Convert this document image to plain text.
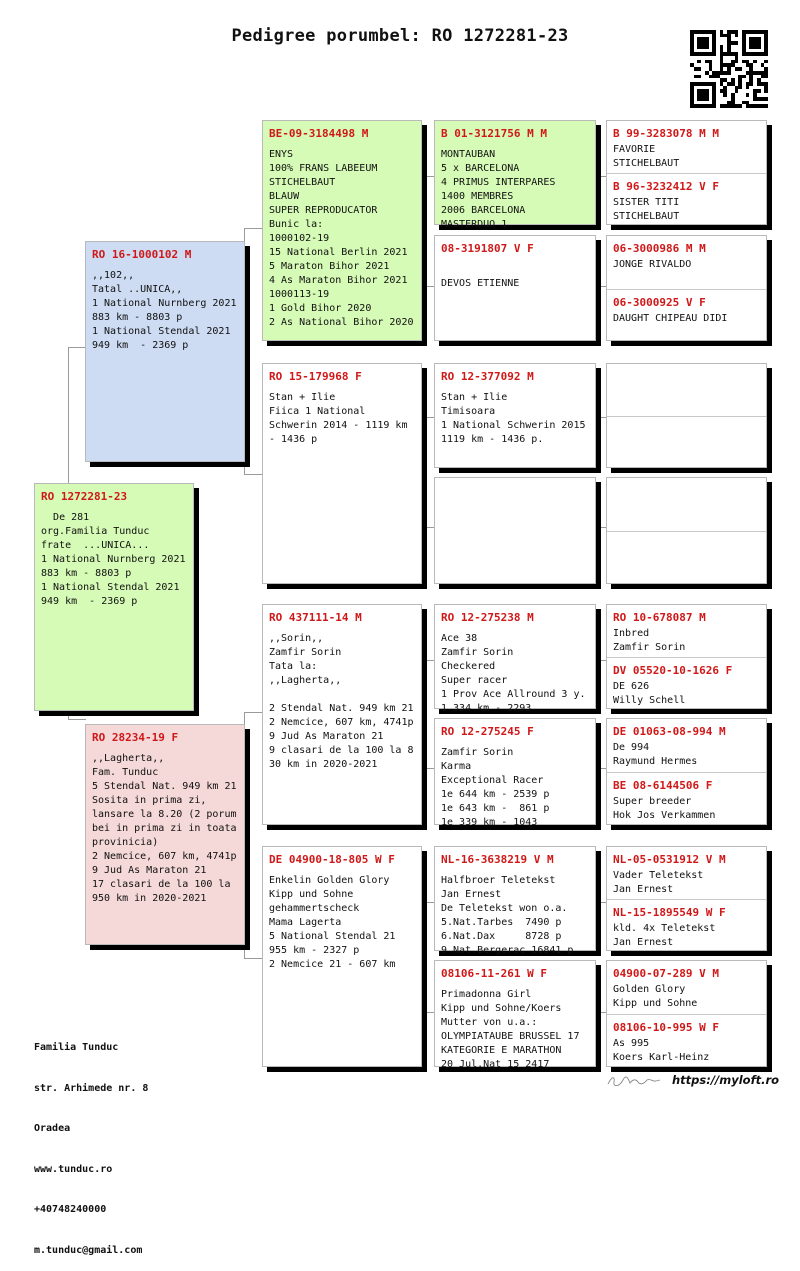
Pedigree porumbel: RO 1272281-23
RO 1272281-23
De 281
org.Familia Tunduc
frate  ...UNICA...
1 National Nurnberg 2021
883 km - 8803 p
1 National Stendal 2021
949 km  - 2369 p
RO 16-1000102 M
,,102,,
Tatal ..UNICA,,
1 National Nurnberg 2021
883 km - 8803 p
1 National Stendal 2021
949 km  - 2369 p
RO 28234-19 F
,,Lagherta,,
Fam. Tunduc
5 Stendal Nat. 949 km 21
Sosita in prima zi,
lansare la 8.20 (2 porum
bei in prima zi in toata
provinicia)
2 Nemcice, 607 km, 4741p
9 Jud As Maraton 21
17 clasari de la 100 la
950 km in 2020-2021
BE-09-3184498 M
ENYS
100% FRANS LABEEUM
STICHELBAUT
BLAUW
SUPER REPRODUCATOR
Bunic la:
1000102-19
15 National Berlin 2021
5 Maraton Bihor 2021
4 As Maraton Bihor 2021
1000113-19
1 Gold Bihor 2020
2 As National Bihor 2020
RO 15-179968 F
Stan + Ilie
Fiica 1 National
Schwerin 2014 - 1119 km
- 1436 p
RO 437111-14 M
,,Sorin,,
Zamfir Sorin
Tata la:
,,Lagherta,,

2 Stendal Nat. 949 km 21
2 Nemcice, 607 km, 4741p
9 Jud As Maraton 21
9 clasari de la 100 la 8
30 km in 2020-2021
DE 04900-18-805 W F
Enkelin Golden Glory
Kipp und Sohne
gehammertscheck
Mama Lagerta
5 National Stendal 21
955 km - 2327 p
2 Nemcice 21 - 607 km
B 01-3121756 M M
MONTAUBAN
5 x BARCELONA
4 PRIMUS INTERPARES
1400 MEMBRES
2006 BARCELONA
MASTERDUO 1
08-3191807 V F

DEVOS ETIENNE
RO 12-377092 M
Stan + Ilie
Timisoara
1 National Schwerin 2015
1119 km - 1436 p.
RO 12-275238 M
Ace 38
Zamfir Sorin
Checkered
Super racer
1 Prov Ace Allround 3 y.
1 334 km - 2293
RO 12-275245 F
Zamfir Sorin
Karma
Exceptional Racer
1e 644 km - 2539 p
1e 643 km -  861 p
1e 339 km - 1043
NL-16-3638219 V M
Halfbroer Teletekst
Jan Ernest
De Teletekst won o.a.
5.Nat.Tarbes  7490 p
6.Nat.Dax     8728 p
9 Nat.Bergerac 16841 p
08106-11-261 W F
Primadonna Girl
Kipp und Sohne/Koers
Mutter von u.a.:
OLYMPIATAUBE BRUSSEL 17
KATEGORIE E MARATHON
20 Jul.Nat 15 2417
B 99-3283078 M M
FAVORIE
STICHELBAUT
B 96-3232412 V F
SISTER TITI
STICHELBAUT
06-3000986 M M
JONGE RIVALDO
06-3000925 V F
DAUGHT CHIPEAU DIDI
RO 10-678087 M
Inbred
Zamfir Sorin
DV 05520-10-1626 F
DE 626
Willy Schell
DE 01063-08-994 M
De 994
Raymund Hermes
BE 08-6144506 F
Super breeder
Hok Jos Verkammen
NL-05-0531912 V M
Vader Teletekst
Jan Ernest
NL-15-1895549 W F
kld. 4x Teletekst
Jan Ernest
04900-07-289 V M
Golden Glory
Kipp und Sohne
08106-10-995 W F
As 995
Koers Karl-Heinz

Familia Tunduc

str. Arhimede nr. 8

Oradea

www.tunduc.ro

+40748240000

m.tunduc@gmail.com

https://myloft.ro
